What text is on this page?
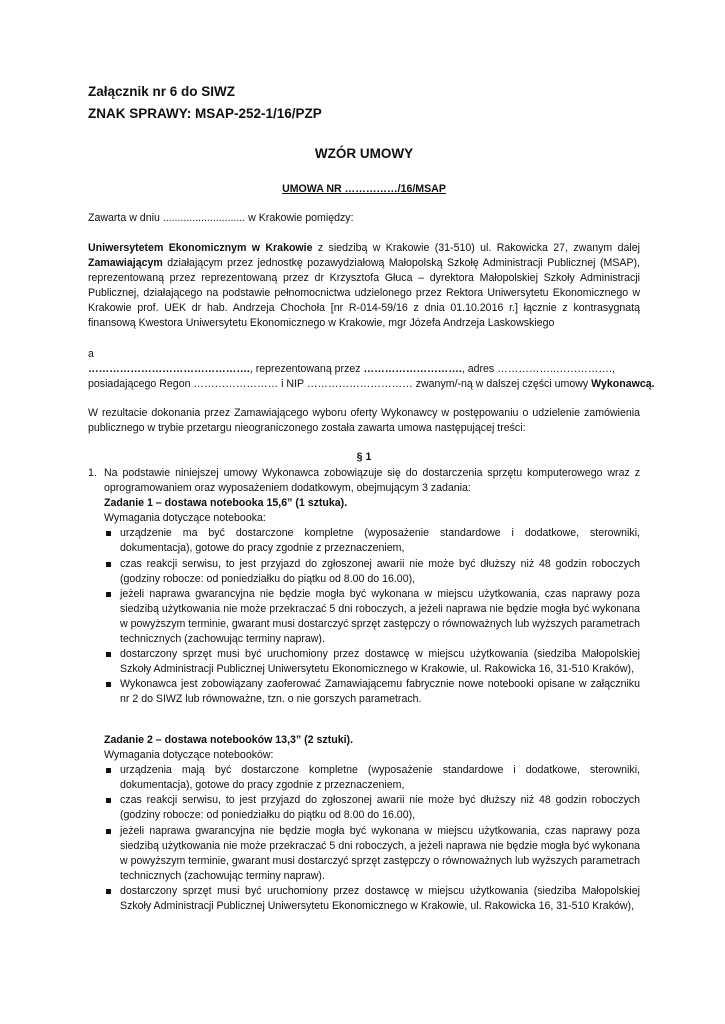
Załącznik nr 6 do SIWZ
ZNAK SPRAWY: MSAP-252-1/16/PZP
WZÓR UMOWY
UMOWA NR ……………/16/MSAP
Zawarta w dniu ............................ w Krakowie pomiędzy:

Uniwersytetem Ekonomicznym w Krakowie z siedzibą w Krakowie (31-510) ul. Rakowicka 27, zwanym dalej Zamawiającym działającym przez jednostkę pozawydziałową Małopolską Szkołę Administracji Publicznej (MSAP), reprezentowaną przez reprezentowaną przez dr Krzysztofa Głuca – dyrektora Małopolskiej Szkoły Administracji Publicznej, działającego na podstawie pełnomocnictwa udzielonego przez Rektora Uniwersytetu Ekonomicznego w Krakowie prof. UEK dr hab. Andrzeja Chochoła [nr R-014-59/16 z dnia 01.10.2016 r.] łącznie z kontrasygnatą finansową Kwestora Uniwersytetu Ekonomicznego w Krakowie, mgr Józefa Andrzeja Laskowskiego

a
………………………………………., reprezentowaną przez ………………………., adres ……………..…………….,
posiadającego Regon …………………… i NIP ………………………… zwanym/-ną w dalszej części umowy Wykonawcą.
W rezultacie dokonania przez Zamawiającego wyboru oferty Wykonawcy w postępowaniu o udzielenie zamówienia publicznego w trybie przetargu nieograniczonego została zawarta umowa następującej treści:
§ 1
1. Na podstawie niniejszej umowy Wykonawca zobowiązuje się do dostarczenia sprzętu komputerowego wraz z oprogramowaniem oraz wyposażeniem dodatkowym, obejmującym 3 zadania:

Zadanie 1 – dostawa notebooka 15,6” (1 sztuka).
Wymagania dotyczące notebooka:
urządzenie ma być dostarczone kompletne (wyposażenie standardowe i dodatkowe, sterowniki, dokumentacja), gotowe do pracy zgodnie z przeznaczeniem,
czas reakcji serwisu, to jest przyjazd do zgłoszonej awarii nie może być dłuższy niż 48 godzin roboczych (godziny robocze: od poniedziałku do piątku od 8.00 do 16.00),
jeżeli naprawa gwarancyjna nie będzie mogła być wykonana w miejscu użytkowania, czas naprawy poza siedzibą użytkowania nie może przekraczać 5 dni roboczych, a jeżeli naprawa nie będzie mogła być wykonana w powyższym terminie, gwarant musi dostarczyć sprzęt zastępczy o równoważnych lub wyższych parametrach technicznych (zachowując terminy napraw).
dostarczony sprzęt musi być uruchomiony przez dostawcę w miejscu użytkowania (siedziba Małopolskiej Szkoły Administracji Publicznej Uniwersytetu Ekonomicznego w Krakowie, ul. Rakowicka 16, 31-510 Kraków),
Wykonawca jest zobowiązany zaoferować Zamawiającemu fabrycznie nowe notebooki opisane w załączniku nr 2 do SIWZ lub równoważne, tzn. o nie gorszych parametrach.
Zadanie 2 – dostawa notebooków 13,3” (2 sztuki).
Wymagania dotyczące notebooków:
urządzenia mają być dostarczone kompletne (wyposażenie standardowe i dodatkowe, sterowniki, dokumentacja), gotowe do pracy zgodnie z przeznaczeniem,
czas reakcji serwisu, to jest przyjazd do zgłoszonej awarii nie może być dłuższy niż 48 godzin roboczych (godziny robocze: od poniedziałku do piątku od 8.00 do 16.00),
jeżeli naprawa gwarancyjna nie będzie mogła być wykonana w miejscu użytkowania, czas naprawy poza siedzibą użytkowania nie może przekraczać 5 dni roboczych, a jeżeli naprawa nie będzie mogła być wykonana w powyższym terminie, gwarant musi dostarczyć sprzęt zastępczy o równoważnych lub wyższych parametrach technicznych (zachowując terminy napraw).
dostarczony sprzęt musi być uruchomiony przez dostawcę w miejscu użytkowania (siedziba Małopolskiej Szkoły Administracji Publicznej Uniwersytetu Ekonomicznego w Krakowie, ul. Rakowicka 16, 31-510 Kraków),
